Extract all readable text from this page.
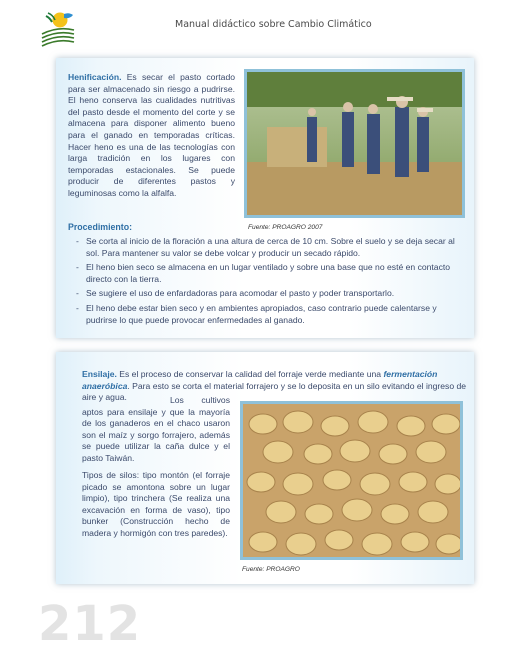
Manual didáctico sobre Cambio Climático
Henificación. Es secar el pasto cortado para ser almacenado sin riesgo a pudrirse. El heno conserva las cualidades nutritivas del pasto desde el momento del corte y se almacena para disponer alimento bueno para el ganado en temporadas críticas. Hacer heno es una de las tecnologías con larga tradición en los lugares con temporadas estacionales. Se puede producir de diferentes pastos y leguminosas como la alfalfa.
Fuente: PROAGRO 2007
Procedimiento:
- Se corta al inicio de la floración a una altura de cerca de 10 cm. Sobre el suelo y se deja secar al sol. Para mantener su valor se debe volcar y producir un secado rápido.
- El heno bien seco se almacena en un lugar ventilado y sobre una base que no esté en contacto directo con la tierra.
- Se sugiere el uso de enfardadoras para acomodar el pasto y poder transportarlo.
- El heno debe estar bien seco y en ambientes apropiados, caso contrario puede calentarse y pudrirse lo que puede provocar enfermedades al ganado.
Ensilaje. Es el proceso de conservar la calidad del forraje verde mediante una fermentación anaeróbica. Para esto se corta el material forrajero y se lo deposita en un silo evitando el ingreso de aire y agua.	Los cultivos aptos para ensilaje y que la mayoría de los ganaderos en el chaco usaron son el maíz y sorgo forrajero, además se puede utilizar la caña dulce y el pasto Taiwán.
Tipos de silos: tipo montón (el forraje picado se amontona sobre un lugar limpio), tipo trinchera (Se realiza una excavación en forma de vaso), tipo bunker (Construcción hecho de madera y hormigón con tres paredes).
Fuente: PROAGRO
212
